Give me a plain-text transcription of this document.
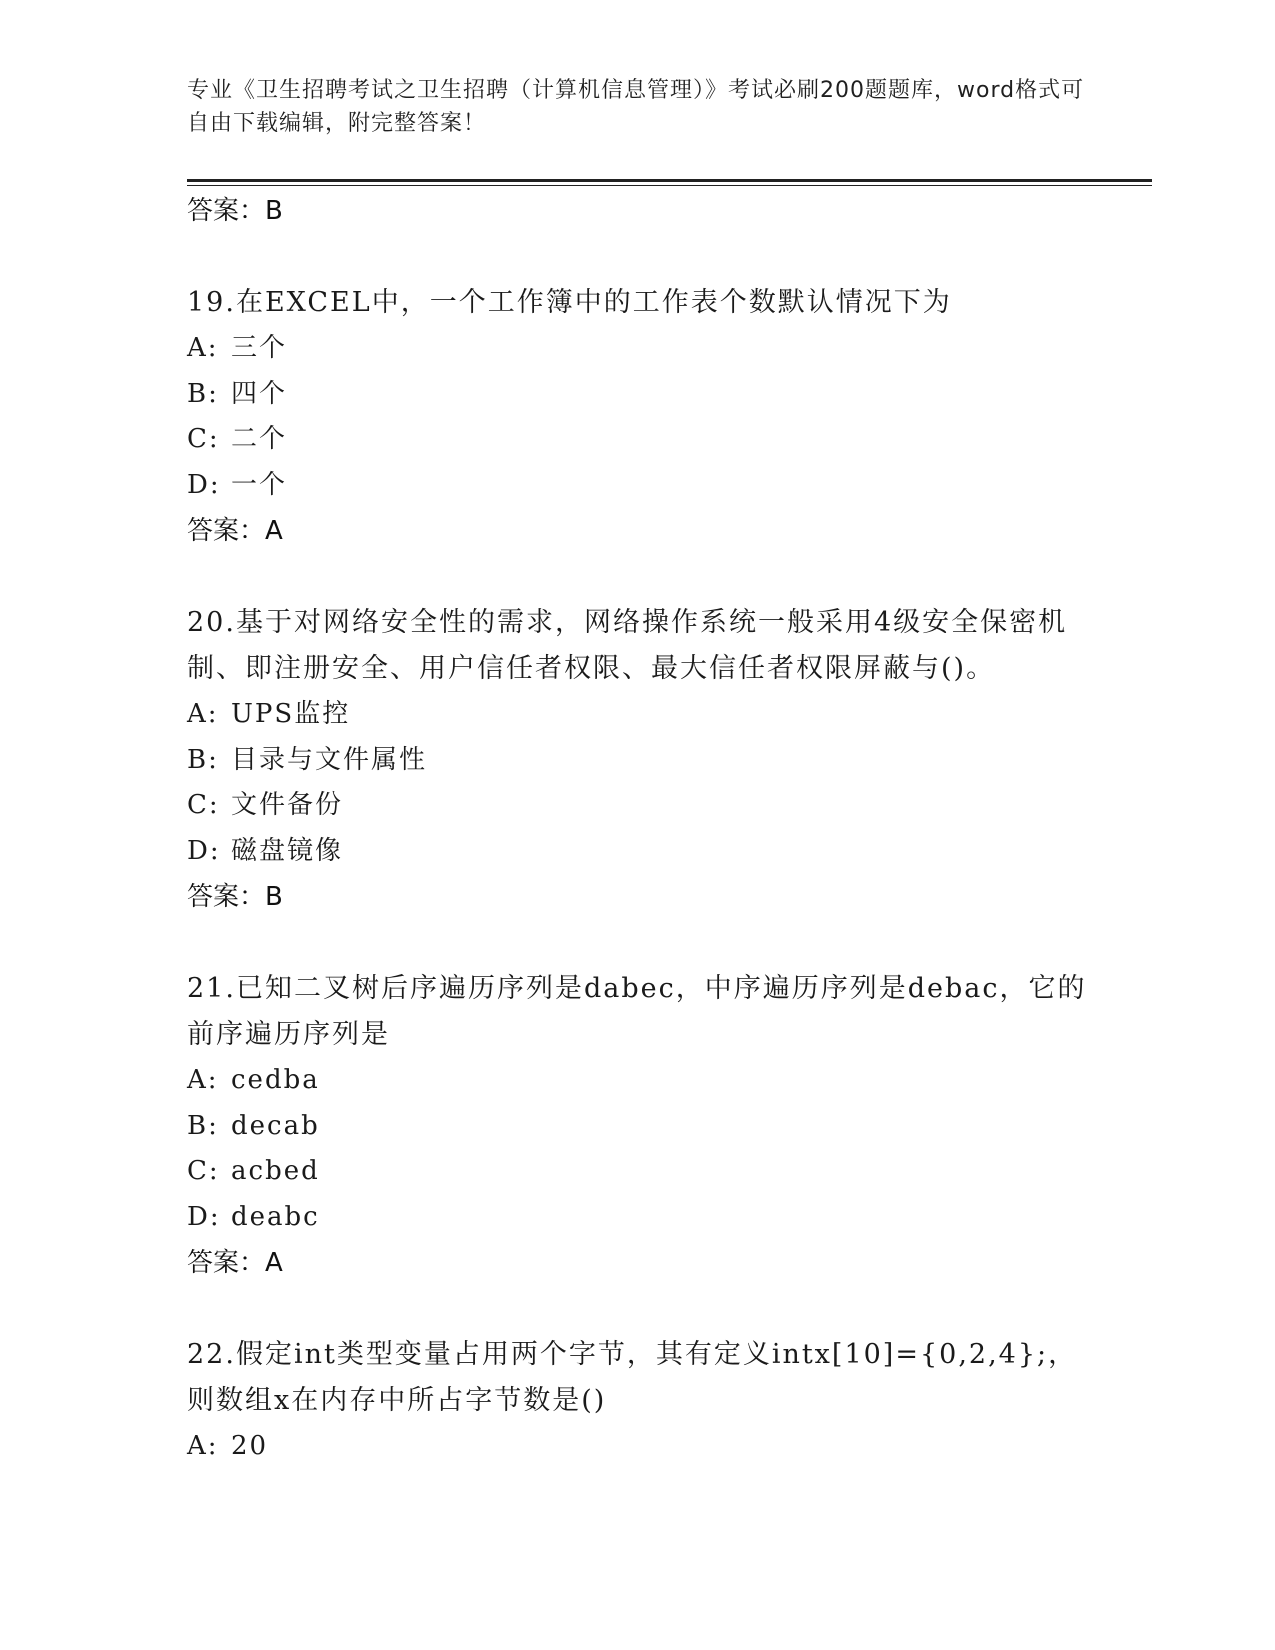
专业《卫生招聘考试之卫生招聘（计算机信息管理）》考试必刷200题题库，word格式可自由下载编辑，附完整答案！
答案：B
19.在EXCEL中，一个工作簿中的工作表个数默认情况下为
A: 三个
B: 四个
C: 二个
D: 一个
答案：A
20.基于对网络安全性的需求，网络操作系统一般采用4级安全保密机制、即注册安全、用户信任者权限、最大信任者权限屏蔽与()。
A: UPS监控
B: 目录与文件属性
C: 文件备份
D: 磁盘镜像
答案：B
21.已知二叉树后序遍历序列是dabec，中序遍历序列是debac，它的前序遍历序列是
A: cedba
B: decab
C: acbed
D: deabc
答案：A
22.假定int类型变量占用两个字节，其有定义intx[10]={0,2,4};，则数组x在内存中所占字节数是()
A: 20
